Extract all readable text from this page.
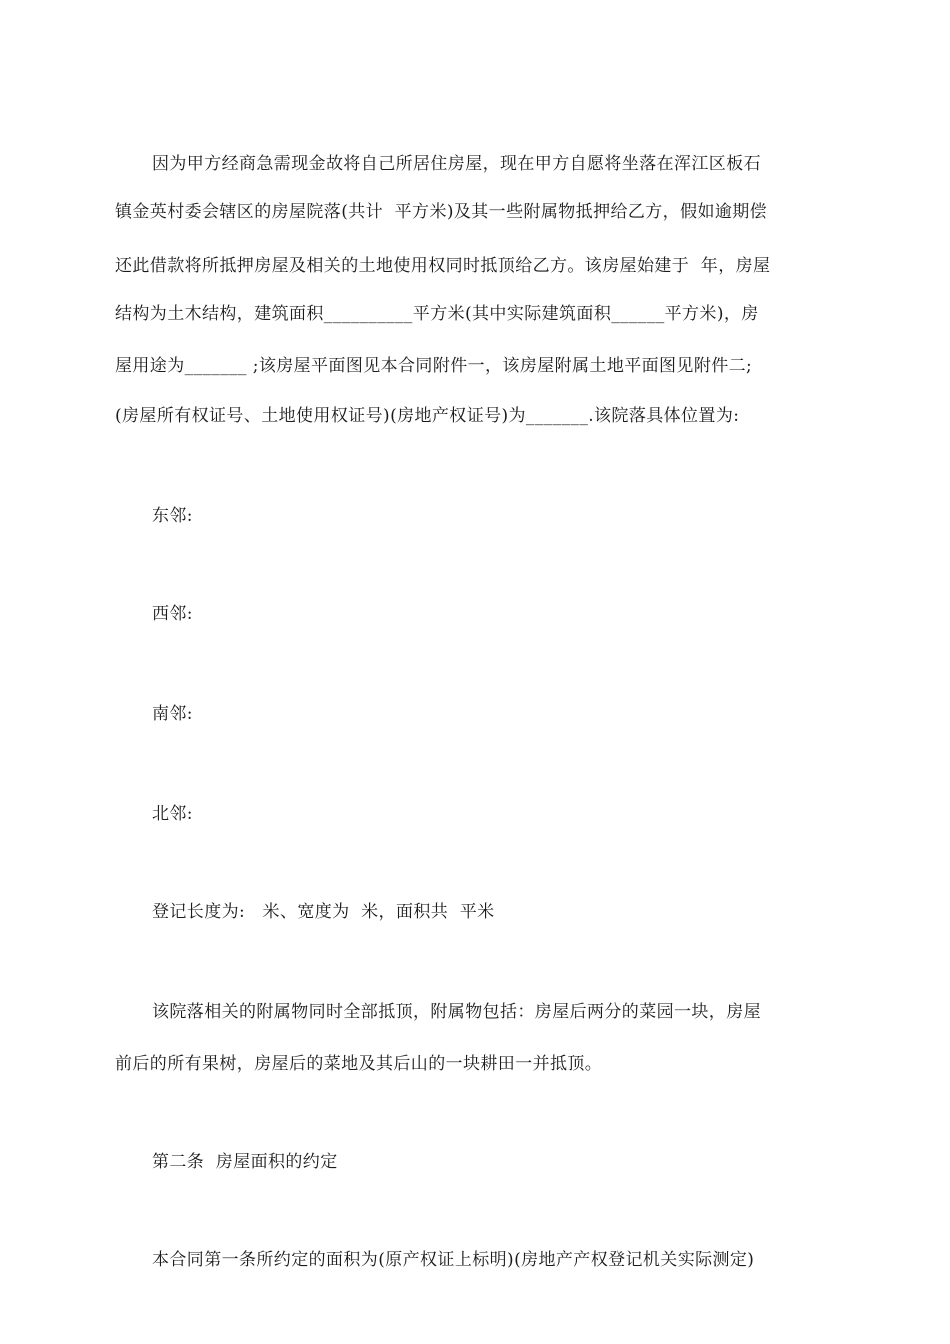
因为甲方经商急需现金故将自己所居住房屋，现在甲方自愿将坐落在浑江区板石
镇金英村委会辖区的房屋院落(共计  平方米)及其一些附属物抵押给乙方，假如逾期偿
还此借款将所抵押房屋及相关的土地使用权同时抵顶给乙方。该房屋始建于  年，房屋
结构为土木结构，建筑面积__________平方米(其中实际建筑面积______平方米)，房
屋用途为_______ ;该房屋平面图见本合同附件一，该房屋附属土地平面图见附件二;
(房屋所有权证号、土地使用权证号)(房地产权证号)为_______.该院落具体位置为:
东邻:
西邻:
南邻:
北邻:
登记长度为:   米、宽度为  米，面积共  平米
该院落相关的附属物同时全部抵顶，附属物包括：房屋后两分的菜园一块，房屋
前后的所有果树，房屋后的菜地及其后山的一块耕田一并抵顶。
第二条  房屋面积的约定
本合同第一条所约定的面积为(原产权证上标明)(房地产产权登记机关实际测定)
